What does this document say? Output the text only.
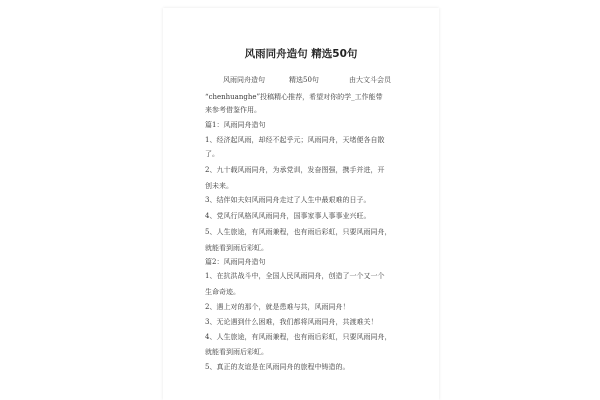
风雨同舟造句 精选50句
风雨同舟造句	精选50句	由大文斗会员
“chenhuanghe”投稿精心推荐，希望对你的学_工作能带
来参考借鉴作用。
篇1：风雨同舟造句
1、经济起风雨，却经不起乎元；风雨同舟，天堵便各自散
了。
2、九十载风雨同舟，为承党训，发奋图强，携手并进，开
创未来。
3、结伴如夫妇风雨同舟走过了人生中最艰难的日子。
4、党风行风格风风雨同舟，国事家事人事事业兴旺。
5、人生旅途，有风雨兼程，也有雨后彩虹，只要风雨同舟，
就能看到雨后彩虹。
篇2：风雨同舟造句
1、在抗洪战斗中，全国人民风雨同舟，创造了一个又一个
生命奇迹。
2、遇上对的那个，就是患难与共，风雨同舟！
3、无论遇到什么困难，我们都将风雨同舟，共渡难关！
4、人生旅途，有风雨兼程，也有雨后彩虹，只要风雨同舟，
就能看到雨后彩虹。
5、真正的友谊是在风雨同舟的旅程中铸造的。
